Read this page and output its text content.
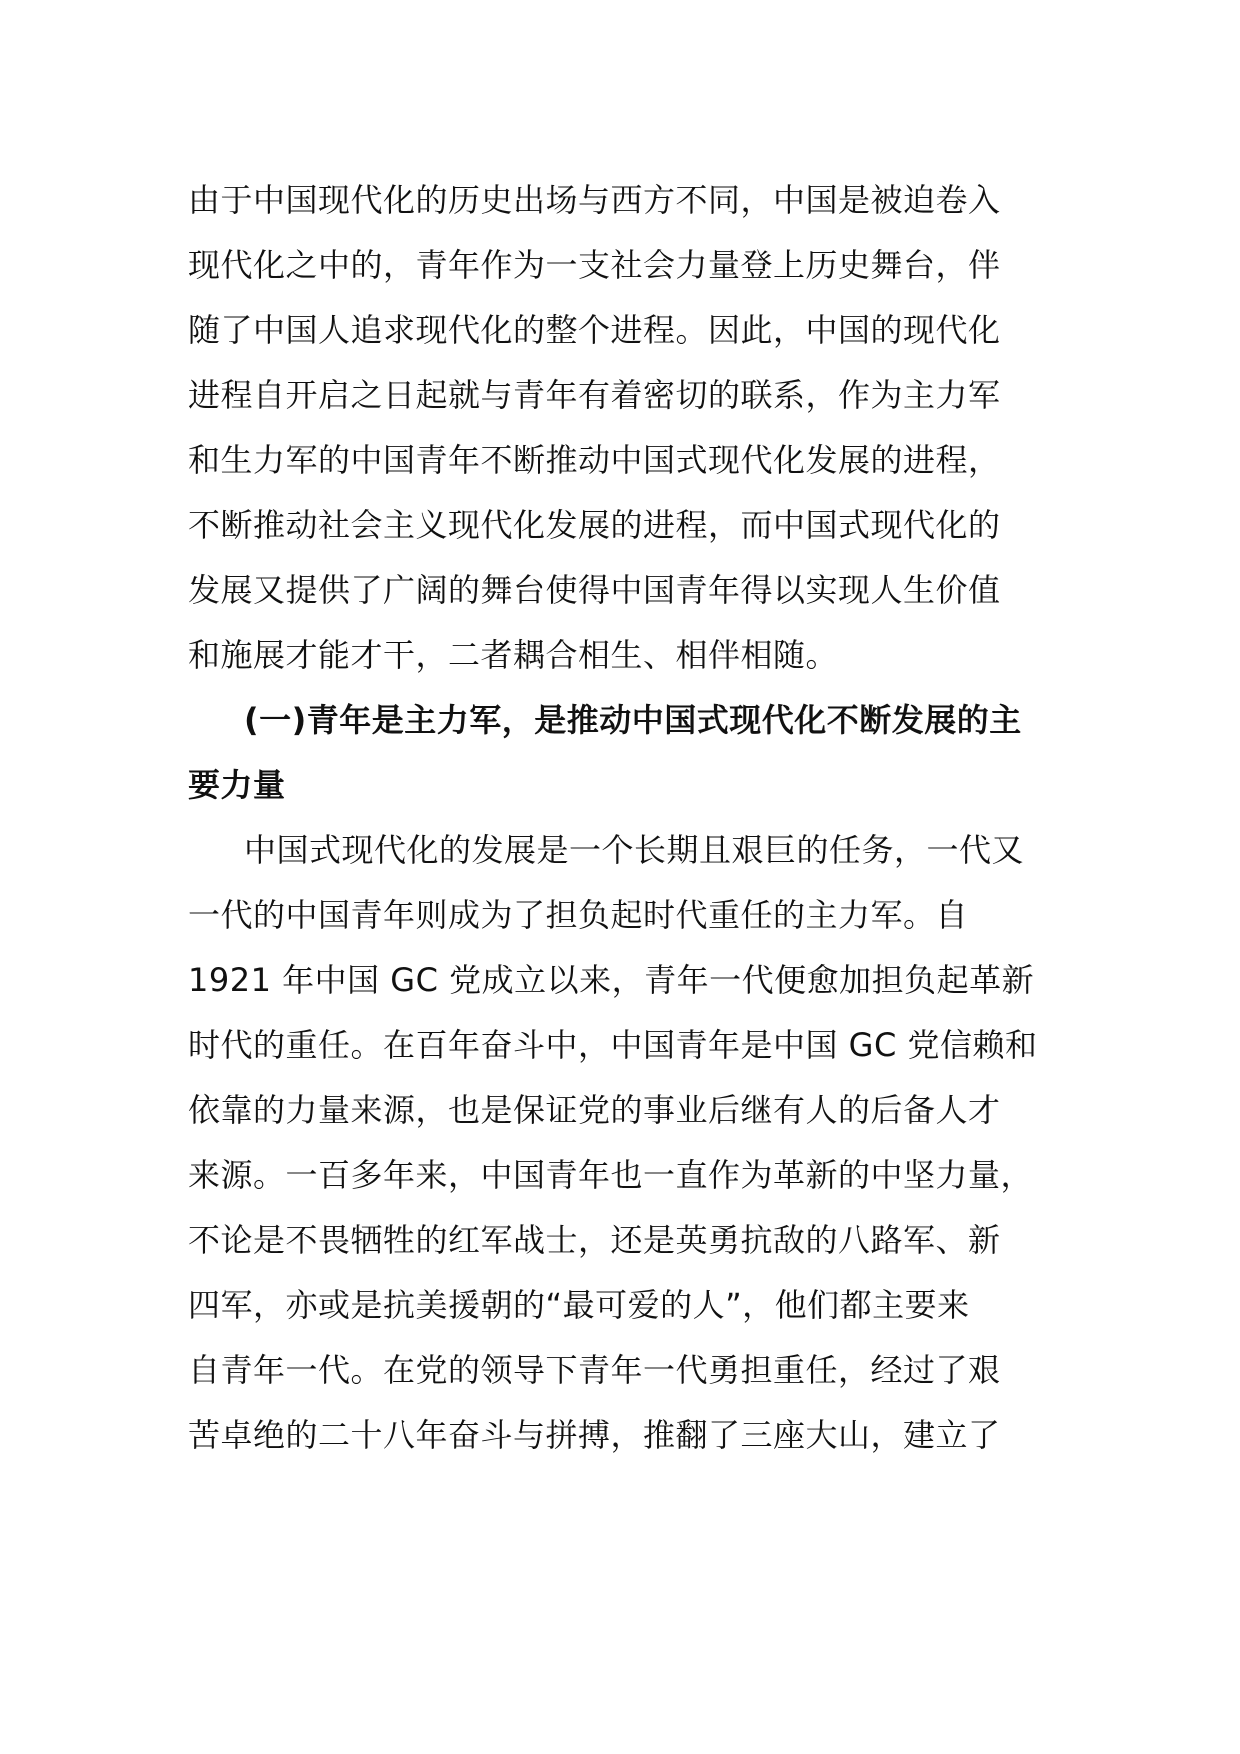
由于中国现代化的历史出场与西方不同，中国是被迫卷入
现代化之中的，青年作为一支社会力量登上历史舞台，伴
随了中国人追求现代化的整个进程。因此，中国的现代化
进程自开启之日起就与青年有着密切的联系，作为主力军
和生力军的中国青年不断推动中国式现代化发展的进程，
不断推动社会主义现代化发展的进程，而中国式现代化的
发展又提供了广阔的舞台使得中国青年得以实现人生价值
和施展才能才干，二者耦合相生、相伴相随。
(一)青年是主力军，是推动中国式现代化不断发展的主
要力量
中国式现代化的发展是一个长期且艰巨的任务，一代又
一代的中国青年则成为了担负起时代重任的主力军。自
1921 年中国 GC 党成立以来，青年一代便愈加担负起革新
时代的重任。在百年奋斗中，中国青年是中国 GC 党信赖和
依靠的力量来源，也是保证党的事业后继有人的后备人才
来源。一百多年来，中国青年也一直作为革新的中坚力量，
不论是不畏牺牲的红军战士，还是英勇抗敌的八路军、新
四军，亦或是抗美援朝的“最可爱的人”，他们都主要来
自青年一代。在党的领导下青年一代勇担重任，经过了艰
苦卓绝的二十八年奋斗与拼搏，推翻了三座大山，建立了
